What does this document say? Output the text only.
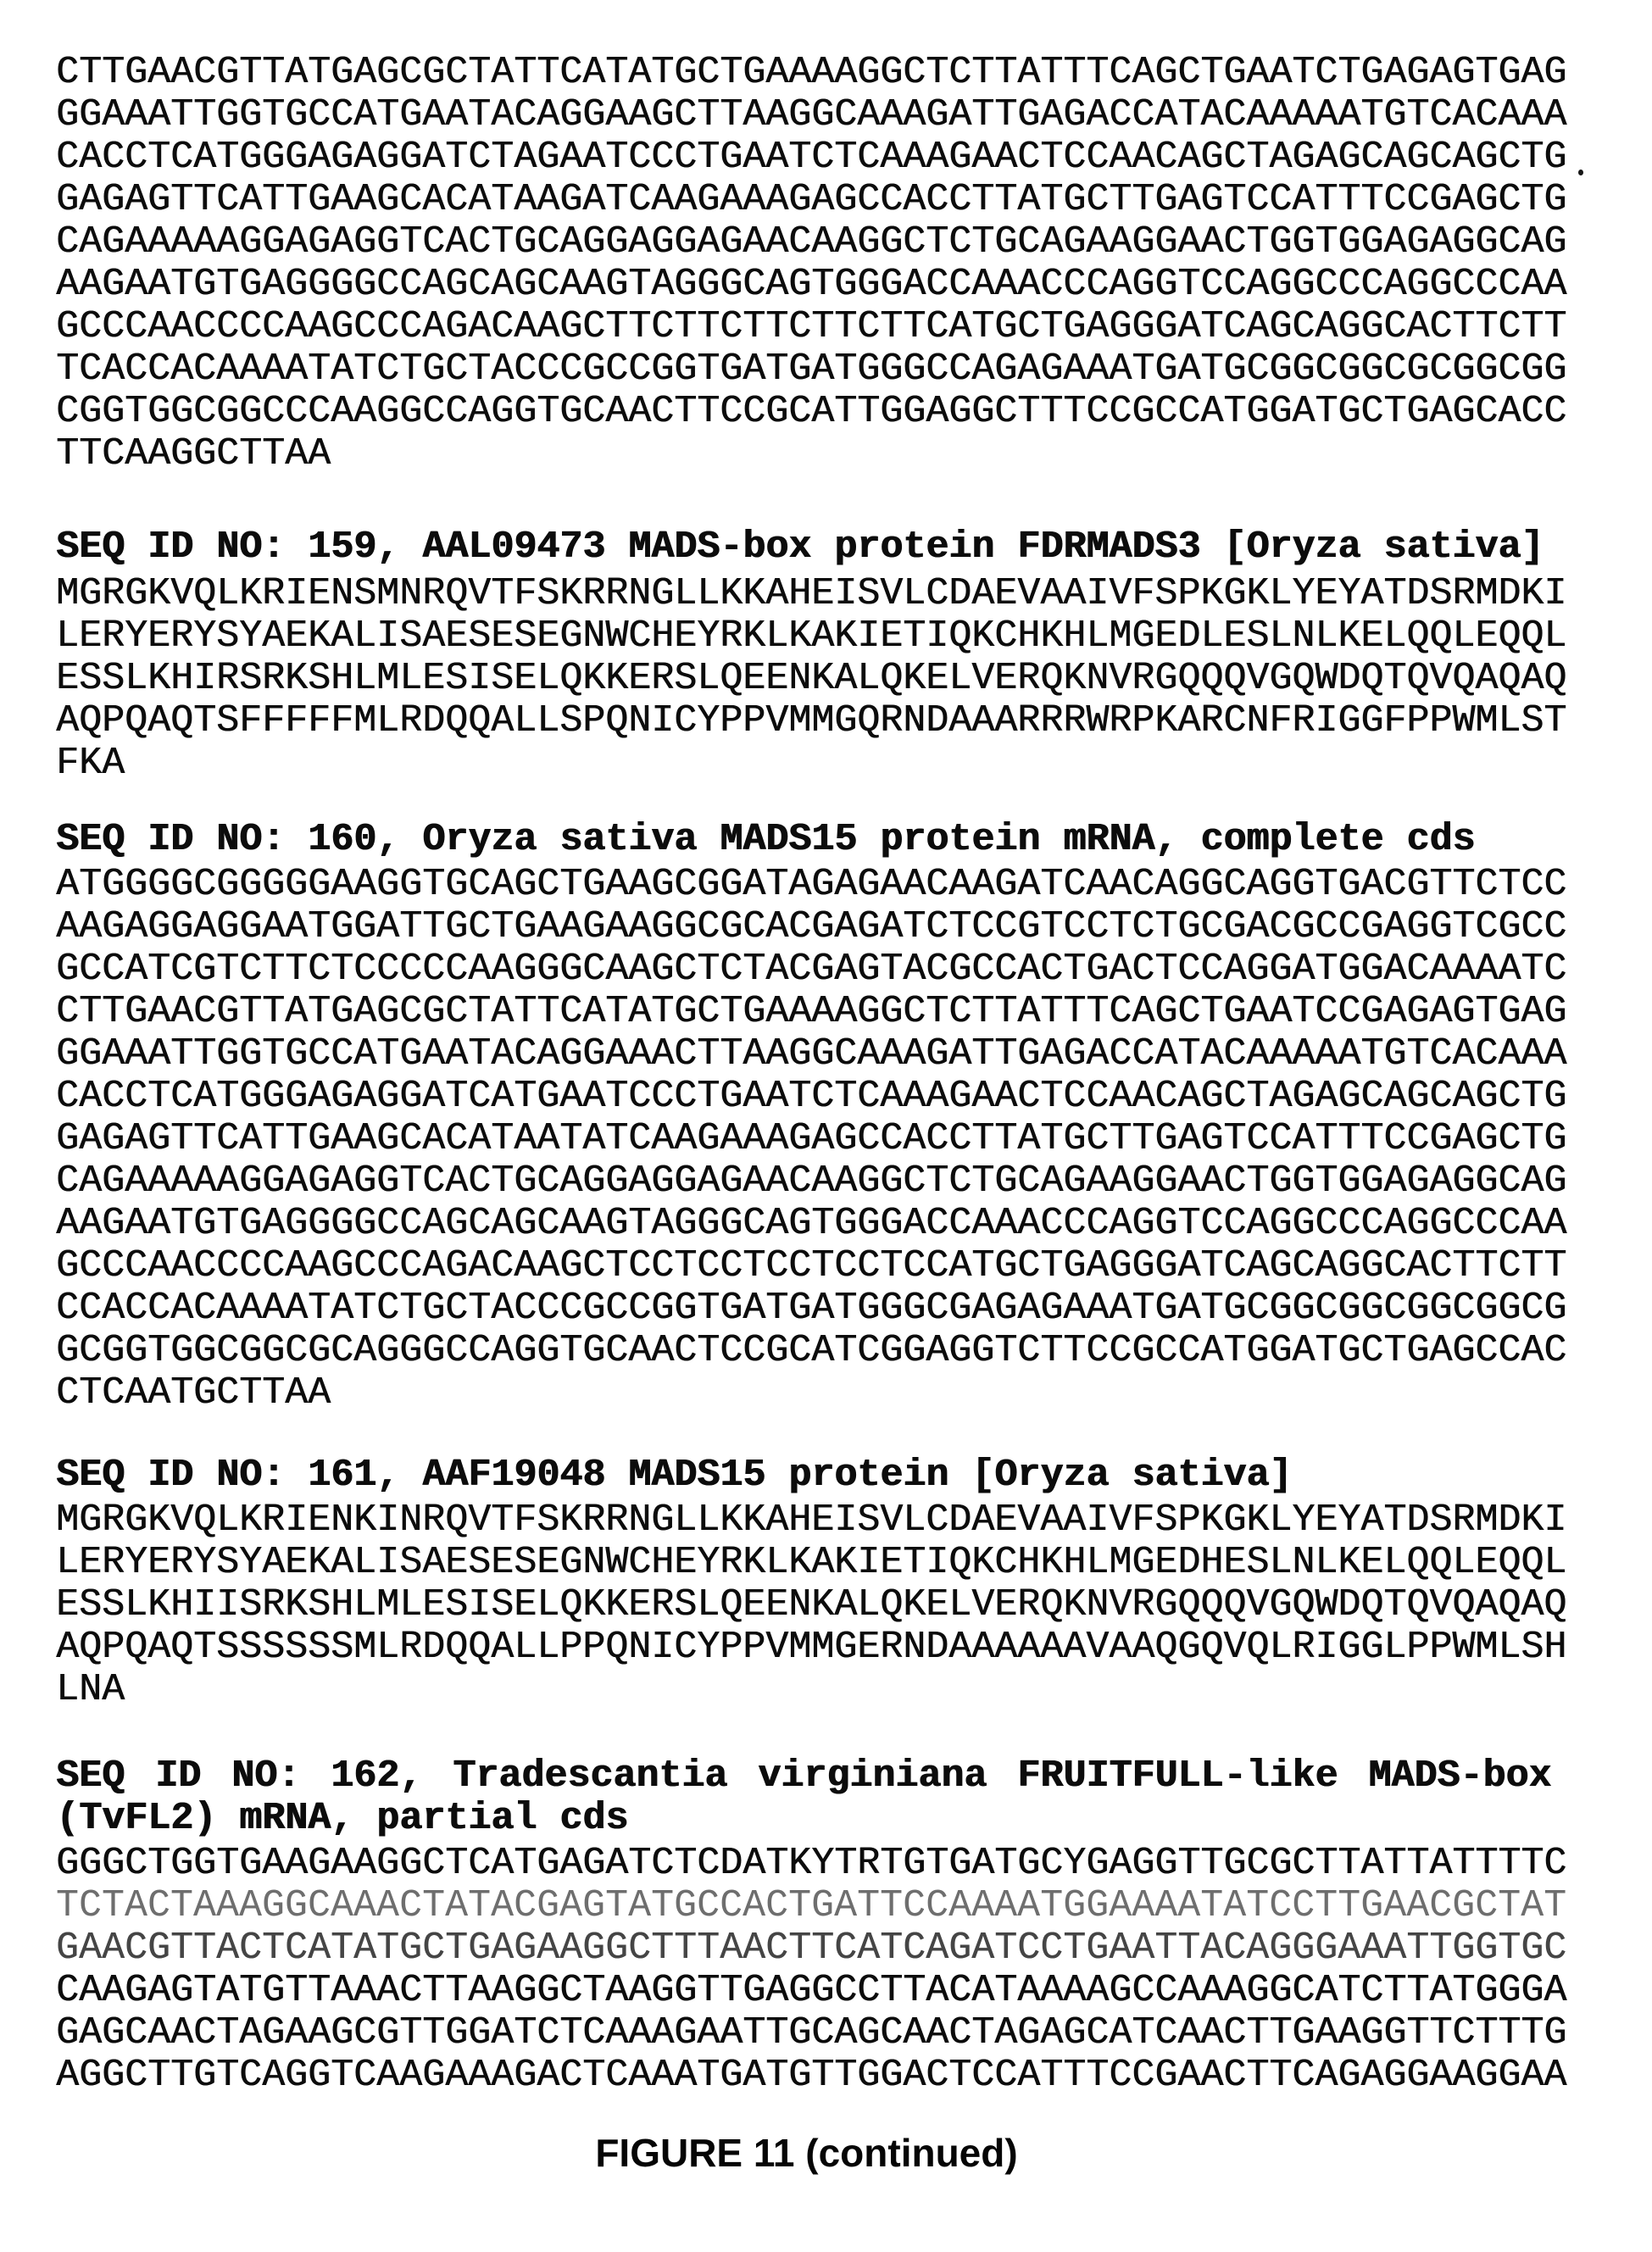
CTTGAACGTTATGAGCGCTATTCATATGCTGAAAAGGCTCTTATTTCAGCTGAATCTGAGAGTGAG
GGAAATTGGTGCCATGAATACAGGAAGCTTAAGGCAAAGATTGAGACCATACAAAAATGTCACAAA
CACCTCATGGGAGAGGATCTAGAATCCCTGAATCTCAAAGAACTCCAACAGCTAGAGCAGCAGCTG
GAGAGTTCATTGAAGCACATAAGATCAAGAAAGAGCCACCTTATGCTTGAGTCCATTTCCGAGCTG
CAGAAAAAGGAGAGGTCACTGCAGGAGGAGAACAAGGCTCTGCAGAAGGAACTGGTGGAGAGGCAG
AAGAATGTGAGGGGCCAGCAGCAAGTAGGGCAGTGGGACCAAACCCAGGTCCAGGCCCAGGCCCAA
GCCCAACCCCAAGCCCAGACAAGCTTCTTCTTCTTCTTCATGCTGAGGGATCAGCAGGCACTTCTT
TCACCACAAAATATCTGCTACCCGCCGGTGATGATGGGCCAGAGAAATGATGCGGCGGCGCGGCGG
CGGTGGCGGCCCAAGGCCAGGTGCAACTTCCGCATTGGAGGCTTTCCGCCATGGATGCTGAGCACC
TTCAAGGCTTAA
SEQ ID NO: 159, AAL09473 MADS-box protein FDRMADS3 [Oryza sativa]
MGRGKVQLKRIENSMNRQVTFSKRRNGLLKKAHEISVLCDAEVAAIVFSPKGKLYEYATDSRMDKI
LERYERYSYAEKALISAESESEGNWCHEYRKLKAKIETIQKCHKHLMGEDLESLNLKELQQLEQQL
ESSLKHIRSRKSHLMLESISELQKKERSLQEENKALQKELVERQKNVRGQQQVGQWDQTQVQAQAQ
AQPQAQTSFFFFFMLRDQQALLSPQNICYPPVMMGQRNDAAARRRWRPKARCNFRIGGFPPWMLST
FKA
SEQ ID NO: 160, Oryza sativa MADS15 protein mRNA, complete cds
ATGGGGCGGGGGAAGGTGCAGCTGAAGCGGATAGAGAACAAGATCAACAGGCAGGTGACGTTCTCC
AAGAGGAGGAATGGATTGCTGAAGAAGGCGCACGAGATCTCCGTCCTCTGCGACGCCGAGGTCGCC
GCCATCGTCTTCTCCCCCAAGGGCAAGCTCTACGAGTACGCCACTGACTCCAGGATGGACAAAATC
CTTGAACGTTATGAGCGCTATTCATATGCTGAAAAGGCTCTTATTTCAGCTGAATCCGAGAGTGAG
GGAAATTGGTGCCATGAATACAGGAAACTTAAGGCAAAGATTGAGACCATACAAAAATGTCACAAA
CACCTCATGGGAGAGGATCATGAATCCCTGAATCTCAAAGAACTCCAACAGCTAGAGCAGCAGCTG
GAGAGTTCATTGAAGCACATAATATCAAGAAAGAGCCACCTTATGCTTGAGTCCATTTCCGAGCTG
CAGAAAAAGGAGAGGTCACTGCAGGAGGAGAACAAGGCTCTGCAGAAGGAACTGGTGGAGAGGCAG
AAGAATGTGAGGGGCCAGCAGCAAGTAGGGCAGTGGGACCAAACCCAGGTCCAGGCCCAGGCCCAA
GCCCAACCCCAAGCCCAGACAAGCTCCTCCTCCTCCTCCATGCTGAGGGATCAGCAGGCACTTCTT
CCACCACAAAATATCTGCTACCCGCCGGTGATGATGGGCGAGAGAAATGATGCGGCGGCGGCGGCG
GCGGTGGCGGCGCAGGGCCAGGTGCAACTCCGCATCGGAGGTCTTCCGCCATGGATGCTGAGCCAC
CTCAATGCTTAA
SEQ ID NO: 161, AAF19048 MADS15 protein [Oryza sativa]
MGRGKVQLKRIENKINRQVTFSKRRNGLLKKAHEISVLCDAEVAAIVFSPKGKLYEYATDSRMDKI
LERYERYSYAEKALISAESESEGNWCHEYRKLKAKIETIQKCHKHLMGEDHESLNLKELQQLEQQL
ESSLKHIISRKSHLMLESISELQKKERSLQEENKALQKELVERQKNVRGQQQVGQWDQTQVQAQAQ
AQPQAQTSSSSSSMLRDQQALLPPQNICYPPVMMGERNDAAAAAAVAAQGQVQLRIGGLPPWMLSH
LNA
SEQ ID NO: 162, Tradescantia virginiana FRUITFULL-like MADS-box
(TvFL2) mRNA, partial cds
GGGCTGGTGAAGAAGGCTCATGAGATCTCDATKYTRTGTGATGCYGAGGTTGCGCTTATTATTTTC
TCTACTAAAGGCAAACTATACGAGTATGCCACTGATTCCAAAATGGAAAATATCCTTGAACGCTAT
GAACGTTACTCATATGCTGAGAAGGCTTTAACTTCATCAGATCCTGAATTACAGGGAAATTGGTGC
CAAGAGTATGTTAAACTTAAGGCTAAGGTTGAGGCCTTACATAAAAGCCAAAGGCATCTTATGGGA
GAGCAACTAGAAGCGTTGGATCTCAAAGAATTGCAGCAACTAGAGCATCAACTTGAAGGTTCTTTG
AGGCTTGTCAGGTCAAGAAAGACTCAAATGATGTTGGACTCCATTTCCGAACTTCAGAGGAAGGAA
FIGURE 11 (continued)
